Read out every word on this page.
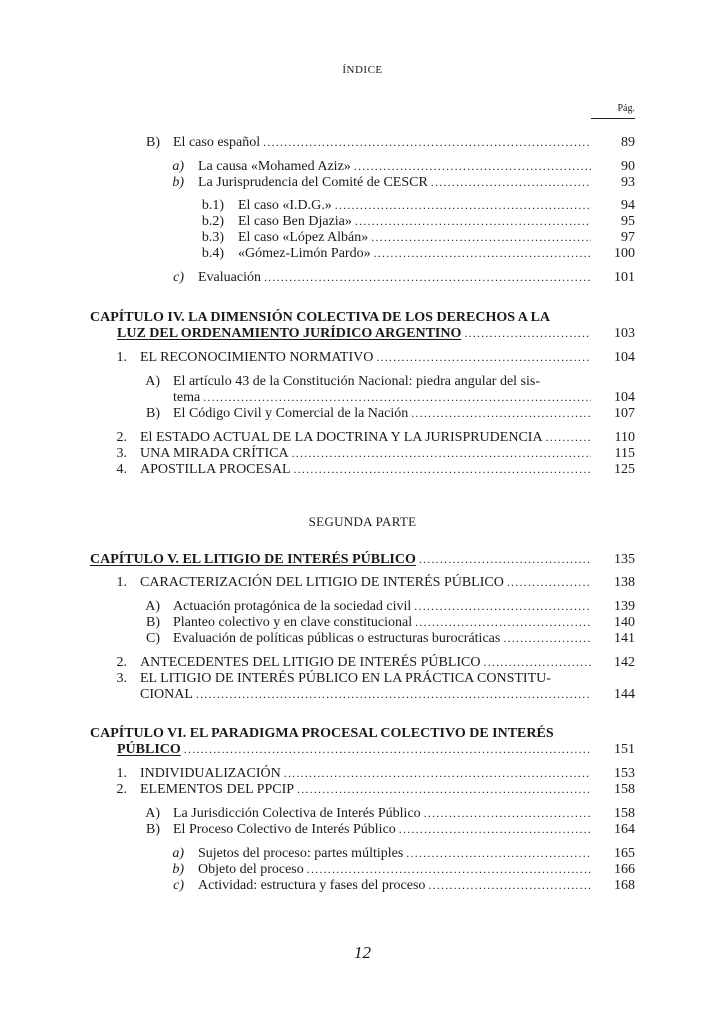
ÍNDICE
Pág.
B) El caso español .....	89
a) La causa «Mohamed Aziz» .....	90
b) La Jurisprudencia del Comité de CESCR .....	93
b.1) El caso «I.D.G.» .....	94
b.2) El caso Ben Djazia» .....	95
b.3) El caso «López Albán» .....	97
b.4) «Gómez-Limón Pardo» .....	100
c) Evaluación .....	101
CAPÍTULO IV. LA DIMENSIÓN COLECTIVA DE LOS DERECHOS A LA
LUZ DEL ORDENAMIENTO JURÍDICO ARGENTINO .....	103
1. EL RECONOCIMIENTO NORMATIVO .....	104
A) El artículo 43 de la Constitución Nacional: piedra angular del sis-
tema .....	104
B) El Código Civil y Comercial de la Nación .....	107
2. El ESTADO ACTUAL DE LA DOCTRINA Y LA JURISPRUDENCIA .....	110
3. UNA MIRADA CRÍTICA .....	115
4. APOSTILLA PROCESAL .....	125
SEGUNDA PARTE
CAPÍTULO V. EL LITIGIO DE INTERÉS PÚBLICO .....	135
1. CARACTERIZACIÓN DEL LITIGIO DE INTERÉS PÚBLICO .....	138
A) Actuación protagónica de la sociedad civil .....	139
B) Planteo colectivo y en clave constitucional .....	140
C) Evaluación de políticas públicas o estructuras burocráticas .....	141
2. ANTECEDENTES DEL LITIGIO DE INTERÉS PÚBLICO .....	142
3. EL LITIGIO DE INTERÉS PÚBLICO EN LA PRÁCTICA CONSTITU-
CIONAL .....	144
CAPÍTULO VI. EL PARADIGMA PROCESAL COLECTIVO DE INTERÉS
PÚBLICO .....	151
1. INDIVIDUALIZACIÓN .....	153
2. ELEMENTOS DEL PPCIP .....	158
A) La Jurisdicción Colectiva de Interés Público .....	158
B) El Proceso Colectivo de Interés Público .....	164
a) Sujetos del proceso: partes múltiples .....	165
b) Objeto del proceso .....	166
c) Actividad: estructura y fases del proceso .....	168
12
